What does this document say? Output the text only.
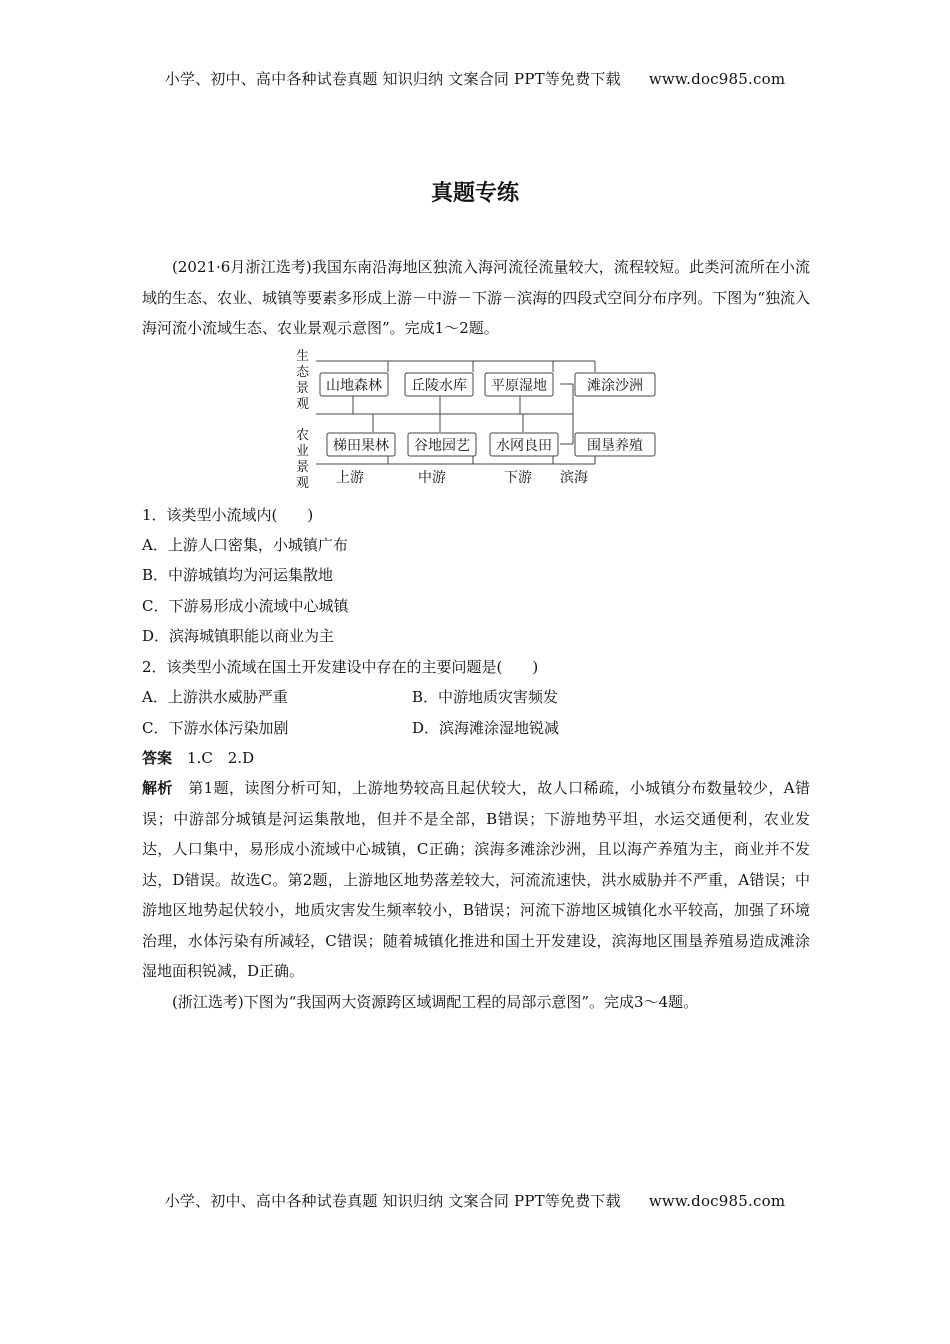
小学、初中、高中各种试卷真题 知识归纳 文案合同 PPT等免费下载 www.doc985.com
真题专练
(2021·6月浙江选考)我国东南沿海地区独流入海河流径流量较大，流程较短。此类河流所在小流域的生态、农业、城镇等要素多形成上游－中游－下游－滨海的四段式空间分布序列。下图为“独流入海河流小流域生态、农业景观示意图”。完成1～2题。
生
态
景
观
农
业
景
观
山地森林 丘陵水库 平原湿地	滩涂沙洲
梯田果林 谷地园艺 水网良田	围垦养殖
上游	中游	下游 滨海
1．该类型小流域内(　　)
A．上游人口密集，小城镇广布
B．中游城镇均为河运集散地
C．下游易形成小流域中心城镇
D．滨海城镇职能以商业为主
2．该类型小流域在国土开发建设中存在的主要问题是(　　)
A．上游洪水威胁严重	B．中游地质灾害频发
C．下游水体污染加剧	D．滨海滩涂湿地锐减
答案　1.C　2.D
解析　第1题，读图分析可知，上游地势较高且起伏较大，故人口稀疏，小城镇分布数量较少，A错误；中游部分城镇是河运集散地，但并不是全部，B错误；下游地势平坦，水运交通便利，农业发达，人口集中，易形成小流域中心城镇，C正确；滨海多滩涂沙洲，且以海产养殖为主，商业并不发达，D错误。故选C。第2题，上游地区地势落差较大，河流流速快，洪水威胁并不严重，A错误；中游地区地势起伏较小，地质灾害发生频率较小，B错误；河流下游地区城镇化水平较高，加强了环境治理，水体污染有所减轻，C错误；随着城镇化推进和国土开发建设，滨海地区围垦养殖易造成滩涂湿地面积锐减，D正确。
(浙江选考)下图为“我国两大资源跨区域调配工程的局部示意图”。完成3～4题。
小学、初中、高中各种试卷真题 知识归纳 文案合同 PPT等免费下载 www.doc985.com
